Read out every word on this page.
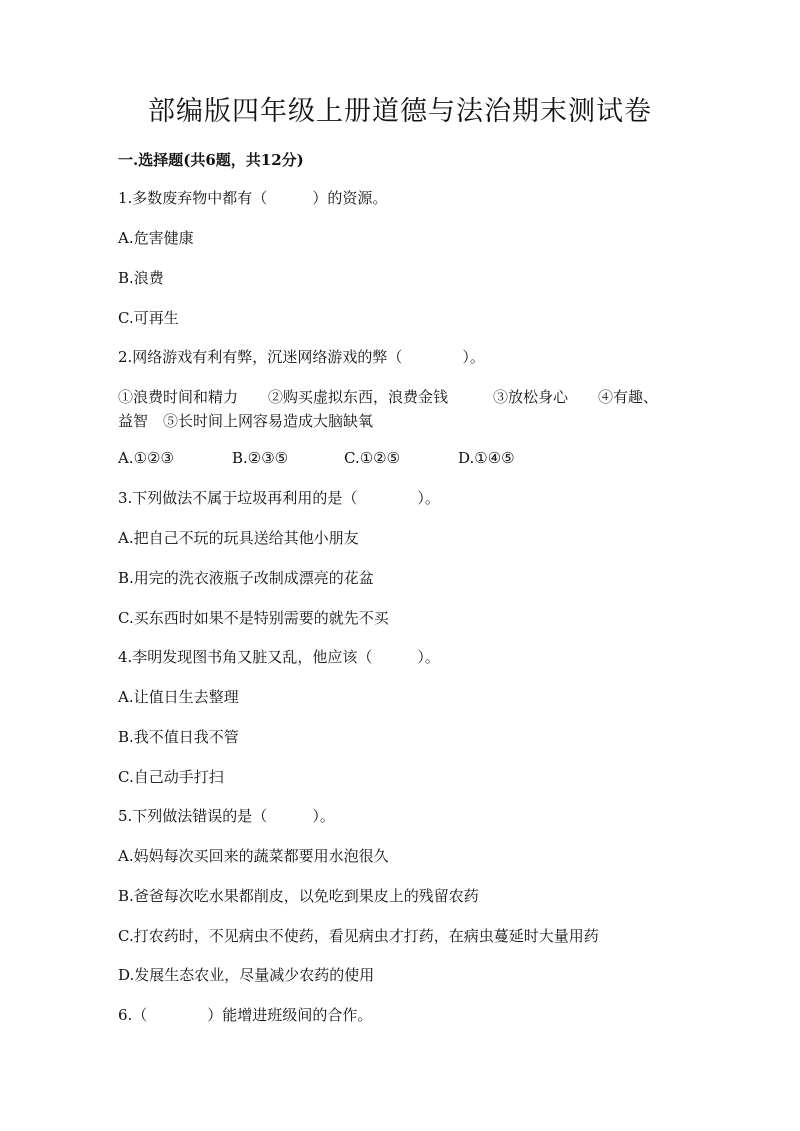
部编版四年级上册道德与法治期末测试卷
一.选择题(共6题，共12分)
1.多数废弃物中都有（　　　）的资源。
A.危害健康
B.浪费
C.可再生
2.网络游戏有利有弊，沉迷网络游戏的弊（　　　　）。
①浪费时间和精力　　②购买虚拟东西，浪费金钱　　　③放松身心　　④有趣、
益智　⑤长时间上网容易造成大脑缺氧
A.①②③	B.②③⑤	C.①②⑤	D.①④⑤
3.下列做法不属于垃圾再利用的是（　　　　）。
A.把自己不玩的玩具送给其他小朋友
B.用完的洗衣液瓶子改制成漂亮的花盆
C.买东西时如果不是特别需要的就先不买
4.李明发现图书角又脏又乱，他应该（　　　）。
A.让值日生去整理
B.我不值日我不管
C.自己动手打扫
5.下列做法错误的是（　　　）。
A.妈妈每次买回来的蔬菜都要用水泡很久
B.爸爸每次吃水果都削皮，以免吃到果皮上的残留农药
C.打农药时，不见病虫不使药，看见病虫才打药，在病虫蔓延时大量用药
D.发展生态农业，尽量减少农药的使用
6.（　　　　）能增进班级间的合作。
